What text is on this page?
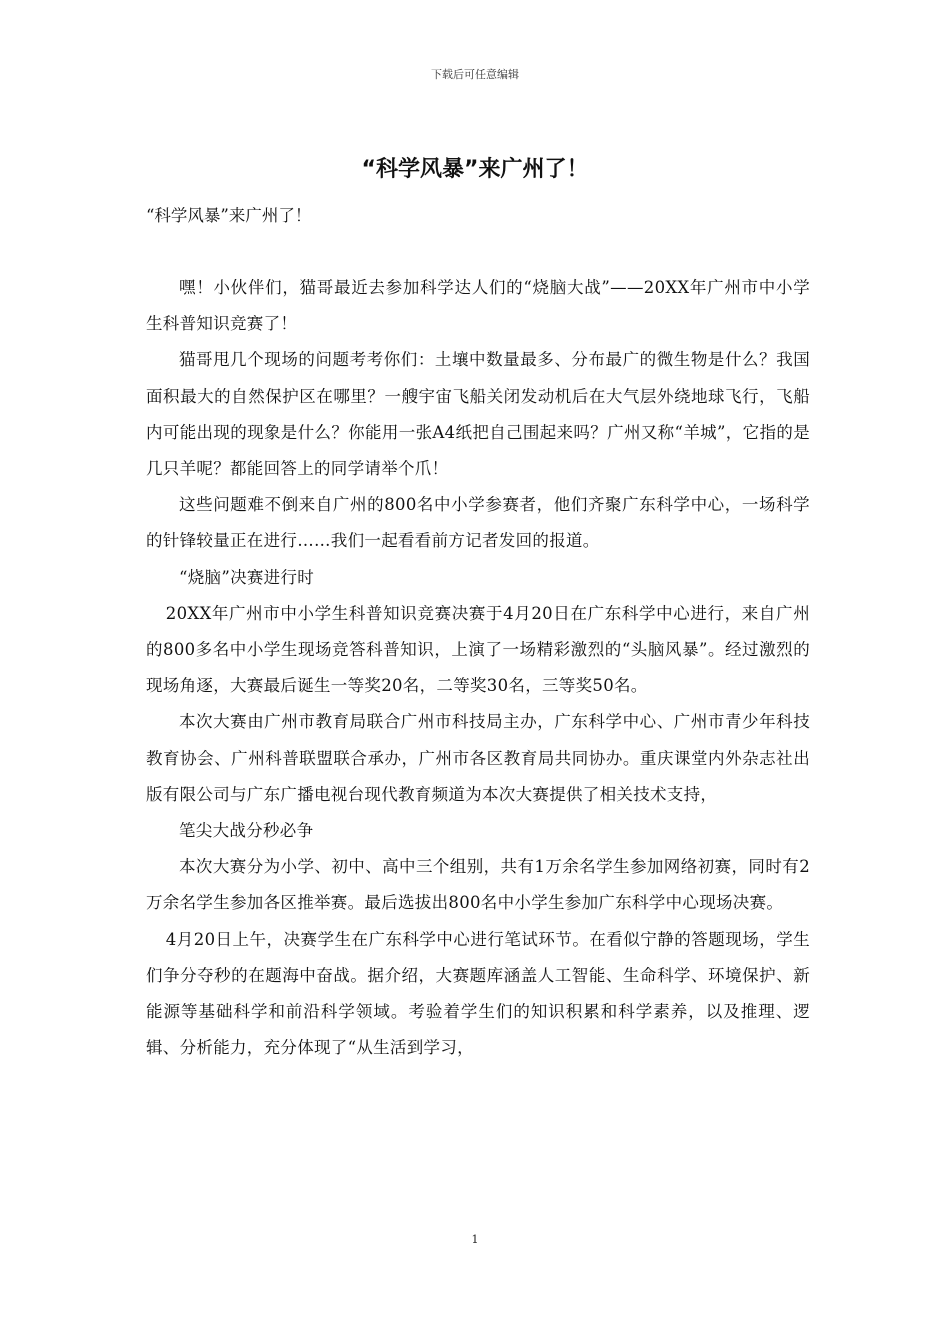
下载后可任意编辑
“科学风暴”来广州了！
“科学风暴”来广州了！

嘿！小伙伴们，猫哥最近去参加科学达人们的“烧脑大战”——20XX年广州市中小学生科普知识竞赛了！

猫哥甩几个现场的问题考考你们：土壤中数量最多、分布最广的微生物是什么？我国面积最大的自然保护区在哪里？一艘宇宙飞船关闭发动机后在大气层外绕地球飞行，飞船内可能出现的现象是什么？你能用一张A4纸把自己围起来吗？广州又称“羊城”，它指的是几只羊呢？都能回答上的同学请举个爪！

这些问题难不倒来自广州的800名中小学参赛者，他们齐聚广东科学中心，一场科学的针锋较量正在进行……我们一起看看前方记者发回的报道。

“烧脑”决赛进行时

20XX年广州市中小学生科普知识竞赛决赛于4月20日在广东科学中心进行，来自广州的800多名中小学生现场竞答科普知识，上演了一场精彩激烈的“头脑风暴”。经过激烈的现场角逐，大赛最后诞生一等奖20名，二等奖30名，三等奖50名。

本次大赛由广州市教育局联合广州市科技局主办，广东科学中心、广州市青少年科技教育协会、广州科普联盟联合承办，广州市各区教育局共同协办。重庆课堂内外杂志社出版有限公司与广东广播电视台现代教育频道为本次大赛提供了相关技术支持，

笔尖大战分秒必争

本次大赛分为小学、初中、高中三个组别，共有1万余名学生参加网络初赛，同时有2万余名学生参加各区推举赛。最后选拔出800名中小学生参加广东科学中心现场决赛。

4月20日上午，决赛学生在广东科学中心进行笔试环节。在看似宁静的答题现场，学生们争分夺秒的在题海中奋战。据介绍，大赛题库涵盖人工智能、生命科学、环境保护、新能源等基础科学和前沿科学领域。考验着学生们的知识积累和科学素养，以及推理、逻辑、分析能力，充分体现了“从生活到学习，

1
